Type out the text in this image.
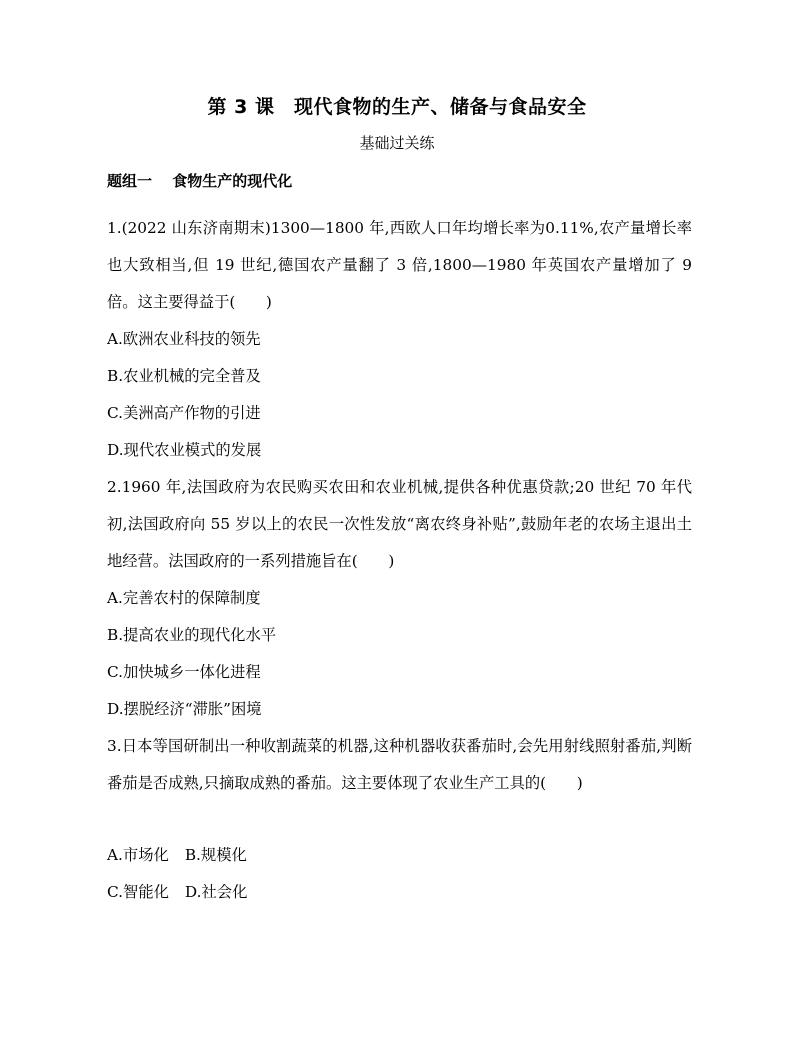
第 3 课　现代食物的生产、储备与食品安全
基础过关练
题组一　 食物生产的现代化

1.(2022 山东济南期末)1300—1800 年,西欧人口年均增长率为0.11%,农产量增长率也大致相当,但 19 世纪,德国农产量翻了 3 倍,1800—1980 年英国农产量增加了 9 倍。这主要得益于(　　)

A.欧洲农业科技的领先

B.农业机械的完全普及

C.美洲高产作物的引进

D.现代农业模式的发展

2.1960 年,法国政府为农民购买农田和农业机械,提供各种优惠贷款;20 世纪 70 年代初,法国政府向 55 岁以上的农民一次性发放“离农终身补贴”,鼓励年老的农场主退出土地经营。法国政府的一系列措施旨在(　　)

A.完善农村的保障制度

B.提高农业的现代化水平

C.加快城乡一体化进程

D.摆脱经济“滞胀”困境

3.日本等国研制出一种收割蔬菜的机器,这种机器收获番茄时,会先用射线照射番茄,判断番茄是否成熟,只摘取成熟的番茄。这主要体现了农业生产工具的(　　)

A.市场化 B.规模化

C.智能化 D.社会化
